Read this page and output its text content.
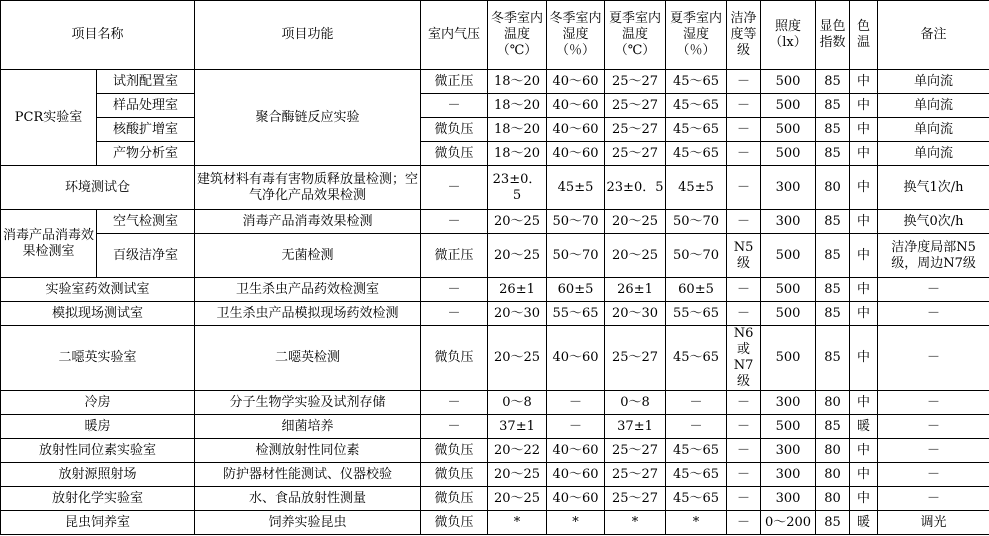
项目名称		项目功能	室内气压	冬季室内温度（℃）	冬季室内湿度（％）	夏季室内温度（℃）	夏季室内湿度（％）	洁净度等级	照度（lx）	显色指数	色温	备注
PCR实验室	试剂配置室	聚合酶链反应实验	微正压	18～20	40～60	25～27	45～65	－	500	85	中	单向流
	样品处理室		－	18～20	40～60	25～27	45～65	－	500	85	中	单向流
	核酸扩增室		微负压	18～20	40～60	25～27	45～65	－	500	85	中	单向流
	产物分析室		微负压	18～20	40～60	25～27	45～65	－	500	85	中	单向流
环境测试仓		建筑材料有毒有害物质释放量检测；空气净化产品效果检测	－	23±0．5	45±5	23±0．5	45±5	－	300	80	中	换气1次/h
消毒产品消毒效果检测室	空气检测室	消毒产品消毒效果检测	－	20～25	50～70	20～25	50～70	－	300	85	中	换气0次/h
	百级洁净室	无菌检测	微正压	20～25	50～70	20～25	50～70	N5级	500	85	中	洁净度局部N5级，周边N7级
实验室药效测试室		卫生杀虫产品药效检测室	－	26±1	60±5	26±1	60±5	－	500	85	中	－
模拟现场测试室		卫生杀虫产品模拟现场药效检测	－	20～30	55～65	20～30	55～65	－	500	85	中	－
二噁英实验室		二噁英检测	微负压	20～25	40～60	25～27	45～65	N6或N7级	500	85	中	－
冷房		分子生物学实验及试剂存储	－	0～8	－	0～8	－	－	300	80	中	－
暖房		细菌培养	－	37±1	－	37±1	－	－	500	85	暖	－
放射性同位素实验室		检测放射性同位素	微负压	20～22	40～60	25～27	45～65	－	300	80	中	－
放射源照射场		防护器材性能测试、仪器校验	微负压	20～25	40～60	25～27	45～65	－	300	80	中	－
放射化学实验室		水、食品放射性测量	微负压	20～25	40～60	25～27	45～65	－	300	80	中	－
昆虫饲养室		饲养实验昆虫	微负压	*	*	*	*	－	0～200	85	暖	调光
